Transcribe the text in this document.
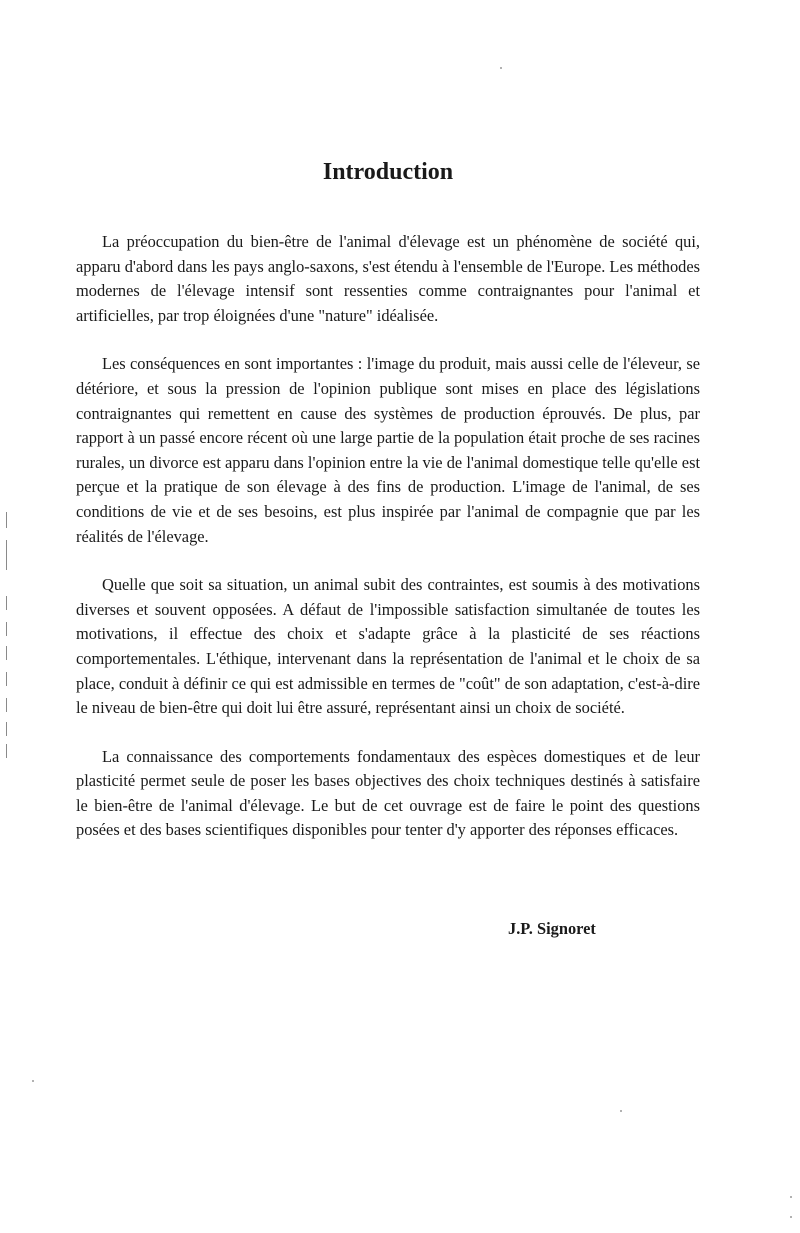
Introduction

La préoccupation du bien-être de l'animal d'élevage est un phénomène de société qui, apparu d'abord dans les pays anglo-saxons, s'est étendu à l'ensemble de l'Europe. Les méthodes modernes de l'élevage intensif sont ressenties comme contraignantes pour l'animal et artificielles, par trop éloignées d'une "nature" idéalisée.

Les conséquences en sont importantes : l'image du produit, mais aussi celle de l'éleveur, se détériore, et sous la pression de l'opinion publique sont mises en place des législations contraignantes qui remettent en cause des systèmes de production éprouvés. De plus, par rapport à un passé encore récent où une large partie de la population était proche de ses racines rurales, un divorce est apparu dans l'opinion entre la vie de l'animal domestique telle qu'elle est perçue et la pratique de son élevage à des fins de production. L'image de l'animal, de ses conditions de vie et de ses besoins, est plus inspirée par l'animal de compagnie que par les réalités de l'élevage.

Quelle que soit sa situation, un animal subit des contraintes, est soumis à des motivations diverses et souvent opposées. A défaut de l'impossible satisfaction simultanée de toutes les motivations, il effectue des choix et s'adapte grâce à la plasticité de ses réactions comportementales. L'éthique, intervenant dans la représentation de l'animal et le choix de sa place, conduit à définir ce qui est admissible en termes de "coût" de son adaptation, c'est-à-dire le niveau de bien-être qui doit lui être assuré, représentant ainsi un choix de société.

La connaissance des comportements fondamentaux des espèces domestiques et de leur plasticité permet seule de poser les bases objectives des choix techniques destinés à satisfaire le bien-être de l'animal d'élevage. Le but de cet ouvrage est de faire le point des questions posées et des bases scientifiques disponibles pour tenter d'y apporter des réponses efficaces.

J.P. Signoret
